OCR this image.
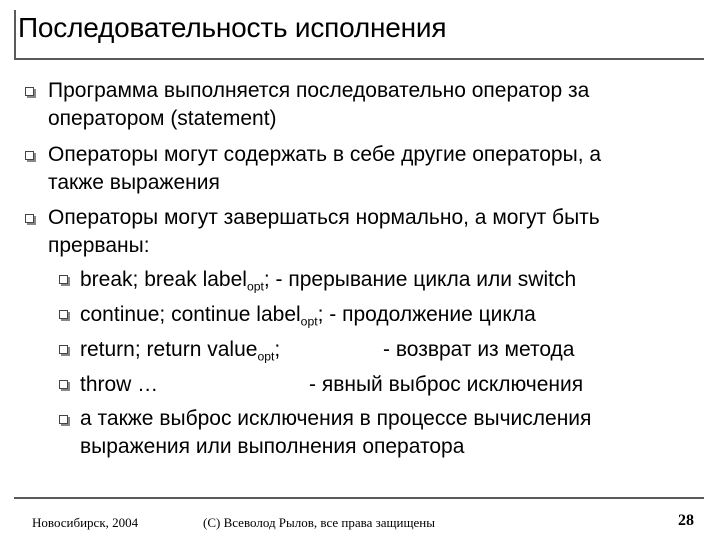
Последовательность исполнения
Программа выполняется последовательно оператор за
оператором (statement)
Операторы могут содержать в себе другие операторы, а
также выражения
Операторы могут завершаться нормально, а могут быть
прерваны:
break; break label$_{opt}$; - прерывание цикла или switch
continue; continue label$_{opt}$; - продолжение цикла
return; return value$_{opt}$;	- возврат из метода
throw …	- явный выброс исключения
а также выброс исключения в процессе вычисления
выражения или выполнения оператора
Новосибирск, 2004	(C) Всеволод Рылов, все права защищены	28
